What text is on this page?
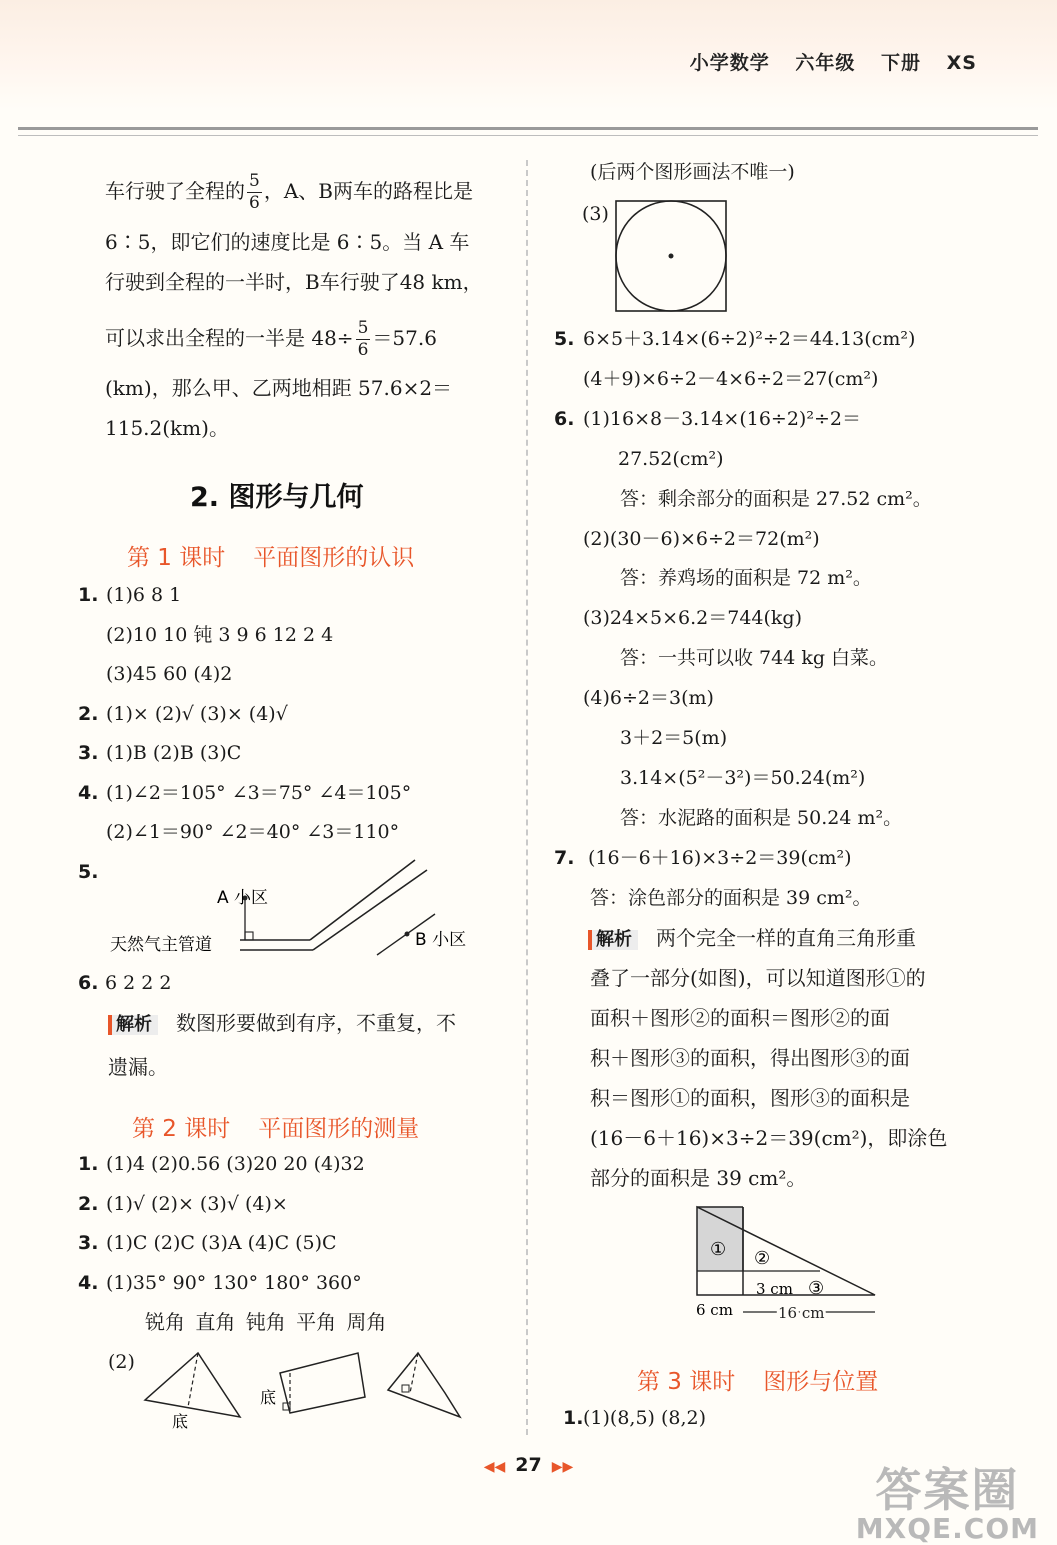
小学数学 六年级 下册 XS
车行驶了全程的 $\frac{5}{6}$ ，A、B两车的路程比是
6∶5，即它们的速度比是 6∶5。当 A 车
行驶到全程的一半时，B车行驶了48 km，
可以求出全程的一半是 $48\div \frac{5}{6} =57.6$
(km)，那么甲、乙两地相距 57.6×2＝
115.2(km)。
2. 图形与几何
第 1 课时 平面图形的认识
1. (1)6 8 1
(2)10 10 钝 3 9 6 12 2 4
(3)45 60 (4)2
2. (1)× (2)√ (3)× (4)√
3. (1)B (2)B (3)C
4. (1)∠2＝105° ∠3＝75° ∠4＝105°
(2)∠1＝90° ∠2＝40° ∠3＝110°
5.
A 小区
B 小区
天然气主管道
6 2 2 2
6.
解析 数图形要做到有序，不重复，不
遗漏。
第 2 课时 平面图形的测量
1. (1)4 (2)0.56 (3)20 20 (4)32
2. (1)√ (2)× (3)√ (4)×
3. (1)C (2)C (3)A (4)C (5)C
4. (1)35° 90° 130° 180° 360°
锐角 直角 钝角 平角 周角
(2)
底
底
(后两个图形画法不唯一)
(3)
5. 6×5＋3.14×(6÷2)²÷2＝44.13(cm²)
(4＋9)×6÷2－4×6÷2＝27(cm²)
6. (1)16×8－3.14×(16÷2)²÷2＝
27.52(cm²)
答：剩余部分的面积是 27.52 cm²。
(2)(30－6)×6÷2＝72(m²)
答：养鸡场的面积是 72 m²。
(3)24×5×6.2＝744(kg)
答：一共可以收 744 kg 白菜。
(4)6÷2＝3(m)
3＋2＝5(m)
3.14×(5²－3²)＝50.24(m²)
答：水泥路的面积是 50.24 m²。
7. (16－6＋16)×3÷2＝39(cm²)
答：涂色部分的面积是 39 cm²。
解析 两个完全一样的直角三角形重
叠了一部分(如图)，可以知道图形①的
面积＋图形②的面积＝图形②的面
积＋图形③的面积，得出图形③的面
积＝图形①的面积，图形③的面积是
(16－6＋16)×3÷2＝39(cm²)，即涂色
部分的面积是 39 cm²。
① ②
③
3 cm
6 cm	16 cm
第 3 课时 图形与位置
1. (1)(8,5) (8,2)
◀◀ 27 ▶▶	答案圈
MXQE.COM
